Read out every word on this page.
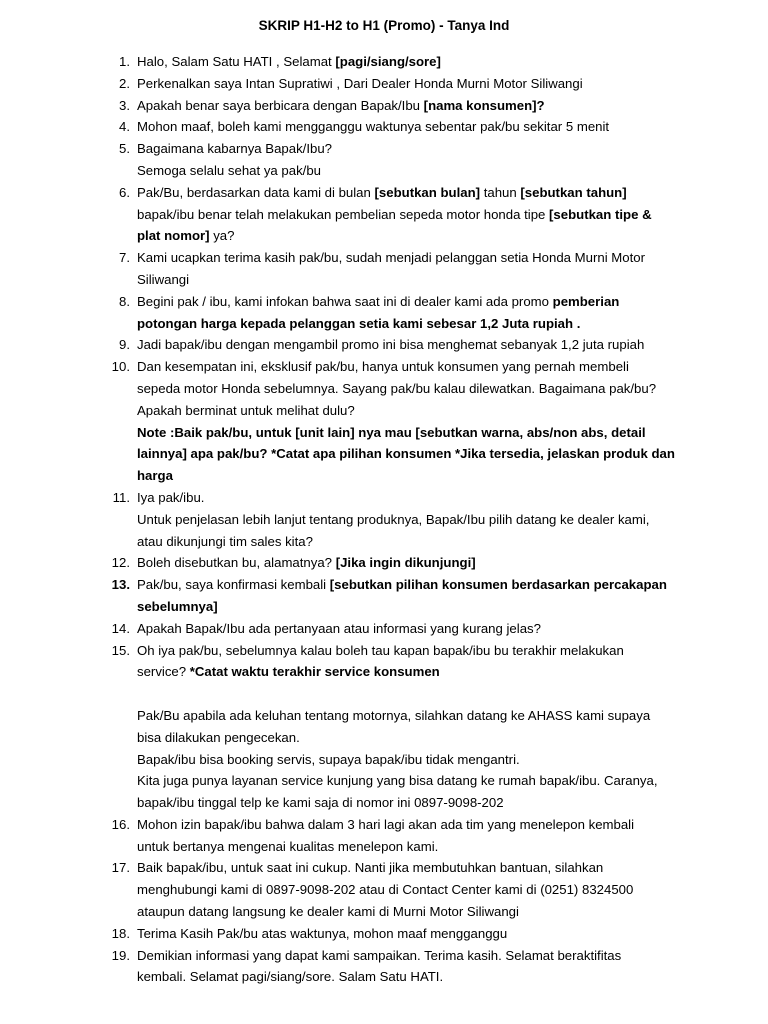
SKRIP H1-H2 to H1 (Promo) - Tanya Ind
1. Halo, Salam Satu HATI , Selamat [pagi/siang/sore]
2. Perkenalkan saya Intan Supratiwi , Dari Dealer Honda Murni Motor Siliwangi
3. Apakah benar saya berbicara dengan Bapak/Ibu [nama konsumen]?
4. Mohon maaf, boleh kami mengganggu waktunya sebentar pak/bu sekitar 5 menit
5. Bagaimana kabarnya Bapak/Ibu?
Semoga selalu sehat ya pak/bu
6. Pak/Bu, berdasarkan data kami di bulan [sebutkan bulan] tahun [sebutkan tahun]
bapak/ibu benar telah melakukan pembelian sepeda motor honda tipe [sebutkan tipe &
plat nomor] ya?
7. Kami ucapkan terima kasih pak/bu, sudah menjadi pelanggan setia Honda Murni Motor
Siliwangi
8. Begini pak / ibu, kami infokan bahwa saat ini di dealer kami ada promo pemberian
potongan harga kepada pelanggan setia kami sebesar 1,2 Juta rupiah .
9. Jadi bapak/ibu dengan mengambil promo ini bisa menghemat sebanyak 1,2 juta rupiah
10. Dan kesempatan ini, eksklusif pak/bu, hanya untuk konsumen yang pernah membeli
sepeda motor Honda sebelumnya. Sayang pak/bu kalau dilewatkan. Bagaimana pak/bu?
Apakah berminat untuk melihat dulu?
Note :Baik pak/bu, untuk [unit lain] nya mau [sebutkan warna, abs/non abs, detail
lainnya] apa pak/bu? *Catat apa pilihan konsumen *Jika tersedia, jelaskan produk dan
harga
11. Iya pak/ibu.
Untuk penjelasan lebih lanjut tentang produknya, Bapak/Ibu pilih datang ke dealer kami,
atau dikunjungi tim sales kita?
12. Boleh disebutkan bu, alamatnya? [Jika ingin dikunjungi]
13. Pak/bu, saya konfirmasi kembali [sebutkan pilihan konsumen berdasarkan percakapan
sebelumnya]
14. Apakah Bapak/Ibu ada pertanyaan atau informasi yang kurang jelas?
15. Oh iya pak/bu, sebelumnya kalau boleh tau kapan bapak/ibu bu terakhir melakukan
service? *Catat waktu terakhir service konsumen

Pak/Bu apabila ada keluhan tentang motornya, silahkan datang ke AHASS kami supaya
bisa dilakukan pengecekan.
Bapak/ibu bisa booking servis, supaya bapak/ibu tidak mengantri.
Kita juga punya layanan service kunjung yang bisa datang ke rumah bapak/ibu. Caranya,
bapak/ibu tinggal telp ke kami saja di nomor ini 0897-9098-202
16. Mohon izin bapak/ibu bahwa dalam 3 hari lagi akan ada tim yang menelepon kembali
untuk bertanya mengenai kualitas menelepon kami.
17. Baik bapak/ibu, untuk saat ini cukup. Nanti jika membutuhkan bantuan, silahkan
menghubungi kami di 0897-9098-202 atau di Contact Center kami di (0251) 8324500
ataupun datang langsung ke dealer kami di Murni Motor Siliwangi
18. Terima Kasih Pak/bu atas waktunya, mohon maaf mengganggu
19. Demikian informasi yang dapat kami sampaikan. Terima kasih. Selamat beraktifitas
kembali. Selamat pagi/siang/sore. Salam Satu HATI.
